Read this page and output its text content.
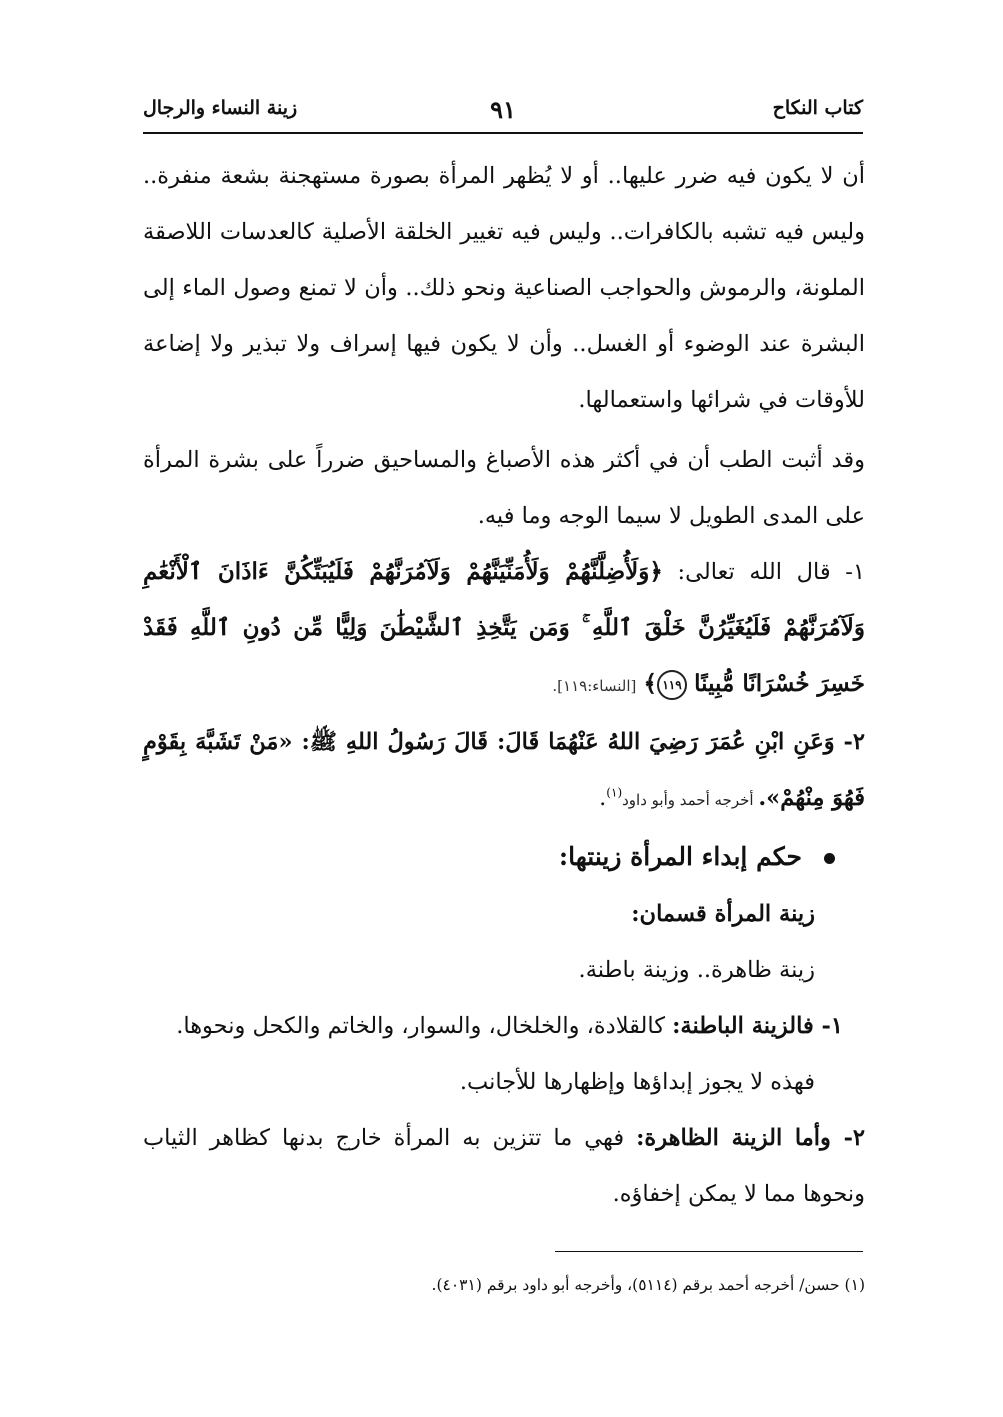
كتاب النكاح
٩١
زينة النساء والرجال

أن لا يكون فيه ضرر عليها.. أو لا يُظهر المرأة بصورة مستهجنة بشعة منفرة.. وليس فيه تشبه بالكافرات.. وليس فيه تغيير الخلقة الأصلية كالعدسات اللاصقة الملونة، والرموش والحواجب الصناعية ونحو ذلك.. وأن لا تمنع وصول الماء إلى البشرة عند الوضوء أو الغسل.. وأن لا يكون فيها إسراف ولا تبذير ولا إضاعة للأوقات في شرائها واستعمالها.

وقد أثبت الطب أن في أكثر هذه الأصباغ والمساحيق ضرراً على بشرة المرأة على المدى الطويل لا سيما الوجه وما فيه.

١- قال الله تعالى: ﴿وَلَأُضِلَّنَّهُمْ وَلَأُمَنِّيَنَّهُمْ وَلَآمُرَنَّهُمْ فَلَيُبَتِّكُنَّ ءَاذَانَ ٱلْأَنْعَٰمِ وَلَآمُرَنَّهُمْ فَلَيُغَيِّرُنَّ خَلْقَ ٱللَّهِ ۚ وَمَن يَتَّخِذِ ٱلشَّيْطَٰنَ وَلِيًّا مِّن دُونِ ٱللَّهِ فَقَدْ خَسِرَ خُسْرَانًا مُّبِينًا ١١٩﴾ [النساء:١١٩].

٢- وَعَنِ ابْنِ عُمَرَ رَضِيَ اللهُ عَنْهُمَا قَالَ: قَالَ رَسُولُ اللهِ ﷺ: «مَنْ تَشَبَّهَ بِقَوْمٍ فَهُوَ مِنْهُمْ». أخرجه أحمد وأبو داود$^{(١)}$.

حكم إبداء المرأة زينتها:

زينة المرأة قسمان:

زينة ظاهرة.. وزينة باطنة.

١- فالزينة الباطنة: كالقلادة، والخلخال، والسوار، والخاتم والكحل ونحوها.

فهذه لا يجوز إبداؤها وإظهارها للأجانب.

٢- وأما الزينة الظاهرة: فهي ما تتزين به المرأة خارج بدنها كظاهر الثياب ونحوها مما لا يمكن إخفاؤه.

(١) حسن/ أخرجه أحمد برقم (٥١١٤)، وأخرجه أبو داود برقم (٤٠٣١).
